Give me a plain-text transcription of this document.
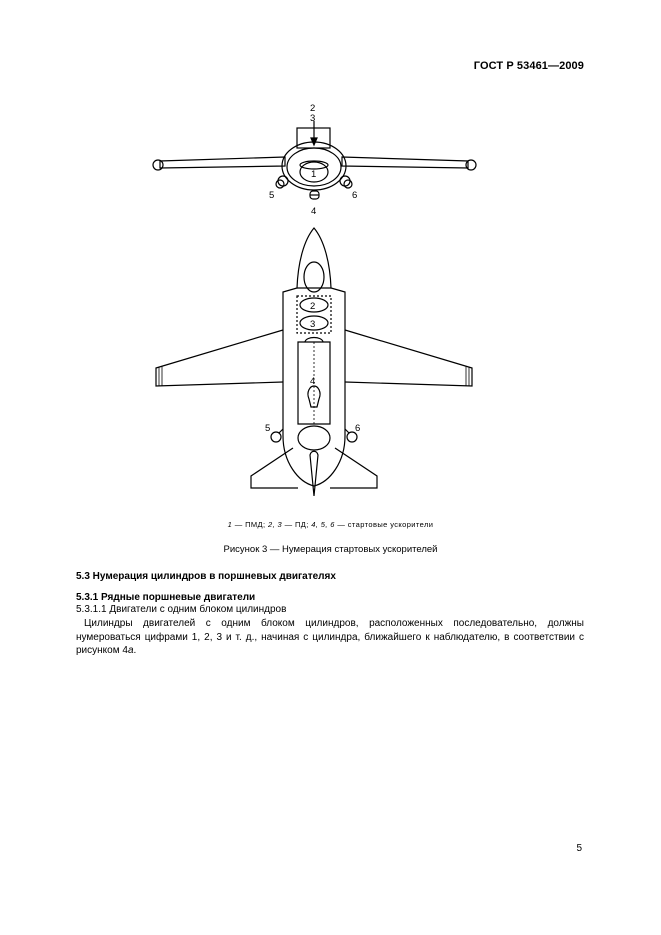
ГОСТ Р 53461—2009
2
3
1
5
4
6
2
3
4
5	6
1 — ПМД; 2, 3 — ПД; 4, 5, 6 — стартовые ускорители
Рисунок 3 — Нумерация стартовых ускорителей
5.3 Нумерация цилиндров в поршневых двигателях
5.3.1 Рядные поршневые двигатели
5.3.1.1 Двигатели с одним блоком цилиндров

Цилиндры двигателей с одним блоком цилиндров, расположенных последовательно, должны нумероваться цифрами 1, 2, 3 и т. д., начиная с цилиндра, ближайшего к наблюдателю, в соответствии с рисунком 4а.

5
